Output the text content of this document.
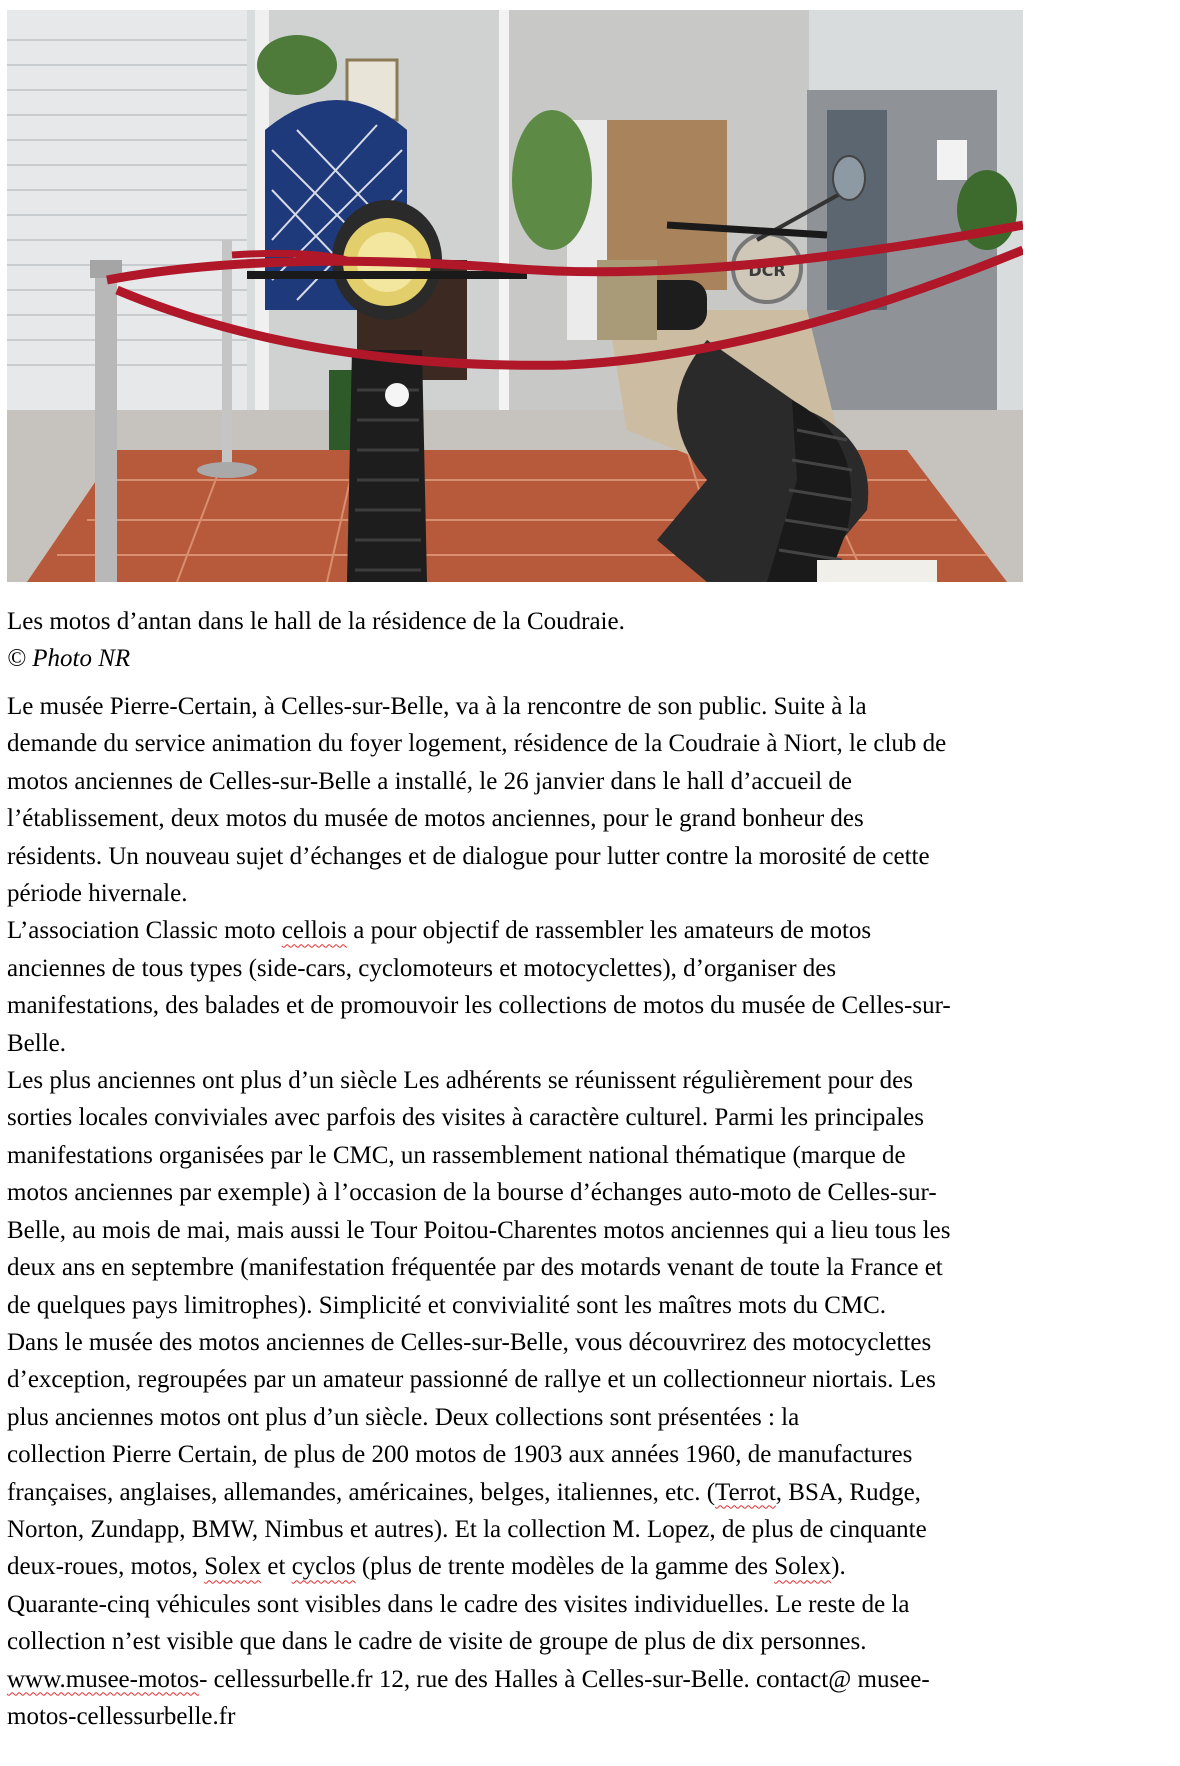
DCR
Les motos d’antan dans le hall de la résidence de la Coudraie.
© Photo NR

Le musée Pierre-Certain, à Celles-sur-Belle, va à la rencontre de son public. Suite à la

demande du service animation du foyer logement, résidence de la Coudraie à Niort, le club de

motos anciennes de Celles-sur-Belle a installé, le 26 janvier dans le hall d’accueil de

l’établissement, deux motos du musée de motos anciennes, pour le grand bonheur des

résidents. Un nouveau sujet d’échanges et de dialogue pour lutter contre la morosité de cette

période hivernale.

L’association Classic moto cellois a pour objectif de rassembler les amateurs de motos

anciennes de tous types (side-cars, cyclomoteurs et motocyclettes), d’organiser des

manifestations, des balades et de promouvoir les collections de motos du musée de Celles-sur-

Belle.

Les plus anciennes ont plus d’un siècle Les adhérents se réunissent régulièrement pour des

sorties locales conviviales avec parfois des visites à caractère culturel. Parmi les principales

manifestations organisées par le CMC, un rassemblement national thématique (marque de

motos anciennes par exemple) à l’occasion de la bourse d’échanges auto-moto de Celles-sur-

Belle, au mois de mai, mais aussi le Tour Poitou-Charentes motos anciennes qui a lieu tous les

deux ans en septembre (manifestation fréquentée par des motards venant de toute la France et

de quelques pays limitrophes). Simplicité et convivialité sont les maîtres mots du CMC.

Dans le musée des motos anciennes de Celles-sur-Belle, vous découvrirez des motocyclettes

d’exception, regroupées par un amateur passionné de rallye et un collectionneur niortais. Les

plus anciennes motos ont plus d’un siècle. Deux collections sont présentées : la

collection Pierre Certain, de plus de 200 motos de 1903 aux années 1960, de manufactures

françaises, anglaises, allemandes, américaines, belges, italiennes, etc. (Terrot, BSA, Rudge,

Norton, Zundapp, BMW, Nimbus et autres). Et la collection M. Lopez, de plus de cinquante

deux-roues, motos, Solex et cyclos (plus de trente modèles de la gamme des Solex).

Quarante-cinq véhicules sont visibles dans le cadre des visites individuelles. Le reste de la

collection n’est visible que dans le cadre de visite de groupe de plus de dix personnes.

www.musee-motos- cellessurbelle.fr 12, rue des Halles à Celles-sur-Belle. contact@ musee-

motos-cellessurbelle.fr
